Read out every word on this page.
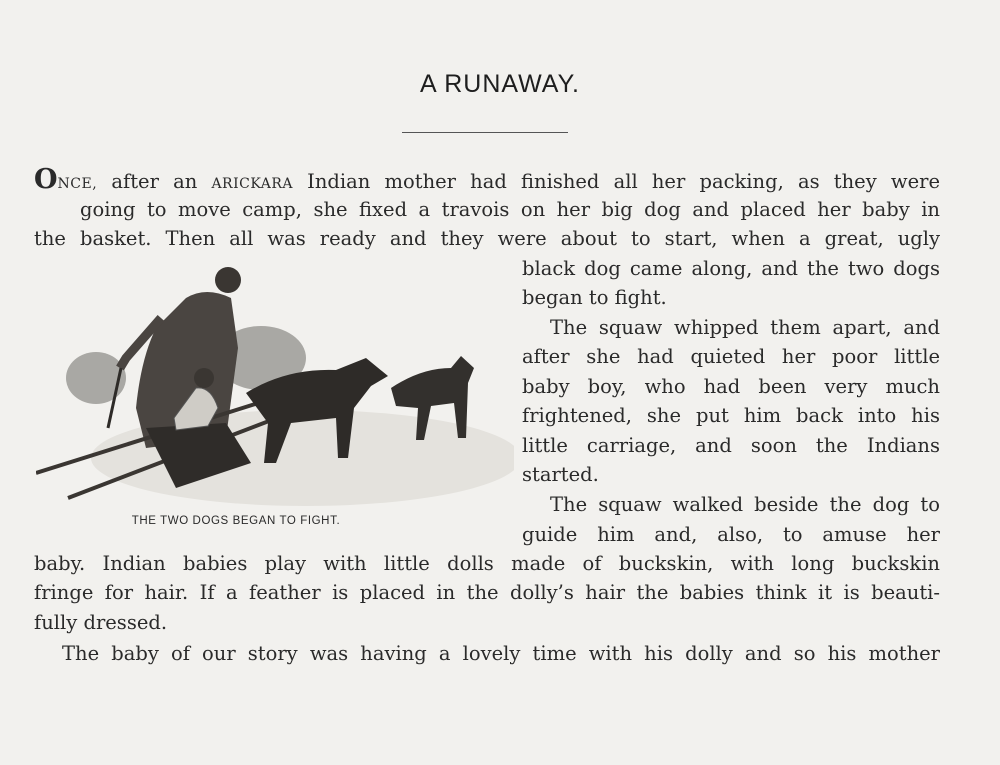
A RUNAWAY.
ONCE, after an ARICKARA Indian mother had finished all her packing, as they were
going to move camp, she fixed a travois on her big dog and placed her baby in
the basket. Then all was ready and they were about to start, when a great, ugly
black dog came along, and the two dogs
began to fight.
The squaw whipped them apart, and
after she had quieted her poor little
baby boy, who had been very much
frightened, she put him back into his
little carriage, and soon the Indians
started.
The squaw walked beside the dog to
guide him and, also, to amuse her
baby. Indian babies play with little dolls made of buckskin, with long buckskin
fringe for hair. If a feather is placed in the dolly’s hair the babies think it is beauti-
fully dressed.
The baby of our story was having a lovely time with his dolly and so his mother
THE TWO DOGS BEGAN TO FIGHT.
